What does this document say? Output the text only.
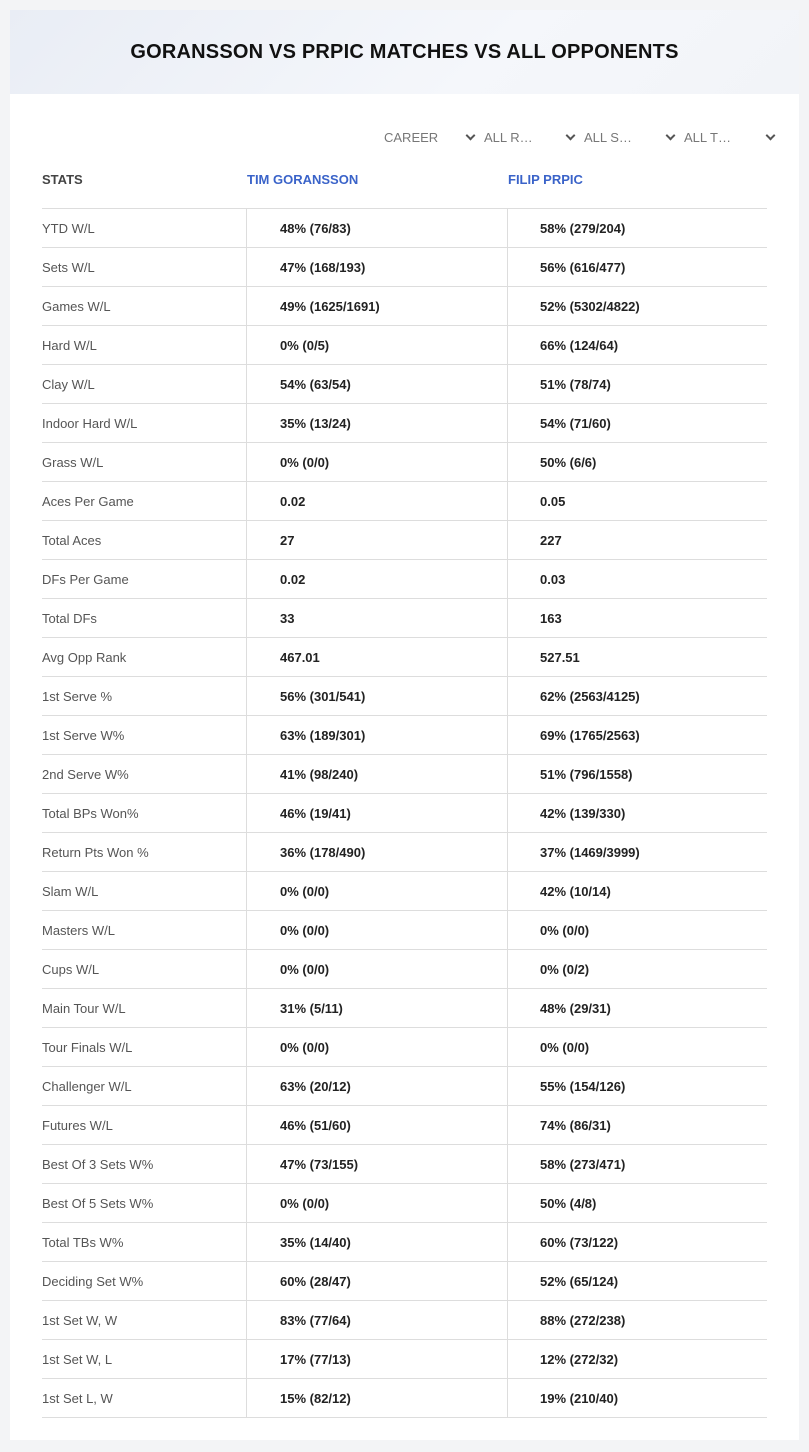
GORANSSON VS PRPIC MATCHES VS ALL OPPONENTS
CAREER	ALL R…	ALL S…	ALL T…
STATS	TIM GORANSSON	FILIP PRPIC
YTD W/L	48% (76/83)	58% (279/204)
Sets W/L	47% (168/193)	56% (616/477)
Games W/L	49% (1625/1691)	52% (5302/4822)
Hard W/L	0% (0/5)	66% (124/64)
Clay W/L	54% (63/54)	51% (78/74)
Indoor Hard W/L	35% (13/24)	54% (71/60)
Grass W/L	0% (0/0)	50% (6/6)
Aces Per Game	0.02	0.05
Total Aces	27	227
DFs Per Game	0.02	0.03
Total DFs	33	163
Avg Opp Rank	467.01	527.51
1st Serve %	56% (301/541)	62% (2563/4125)
1st Serve W%	63% (189/301)	69% (1765/2563)
2nd Serve W%	41% (98/240)	51% (796/1558)
Total BPs Won%	46% (19/41)	42% (139/330)
Return Pts Won %	36% (178/490)	37% (1469/3999)
Slam W/L	0% (0/0)	42% (10/14)
Masters W/L	0% (0/0)	0% (0/0)
Cups W/L	0% (0/0)	0% (0/2)
Main Tour W/L	31% (5/11)	48% (29/31)
Tour Finals W/L	0% (0/0)	0% (0/0)
Challenger W/L	63% (20/12)	55% (154/126)
Futures W/L	46% (51/60)	74% (86/31)
Best Of 3 Sets W%	47% (73/155)	58% (273/471)
Best Of 5 Sets W%	0% (0/0)	50% (4/8)
Total TBs W%	35% (14/40)	60% (73/122)
Deciding Set W%	60% (28/47)	52% (65/124)
1st Set W, W	83% (77/64)	88% (272/238)
1st Set W, L	17% (77/13)	12% (272/32)
1st Set L, W	15% (82/12)	19% (210/40)
